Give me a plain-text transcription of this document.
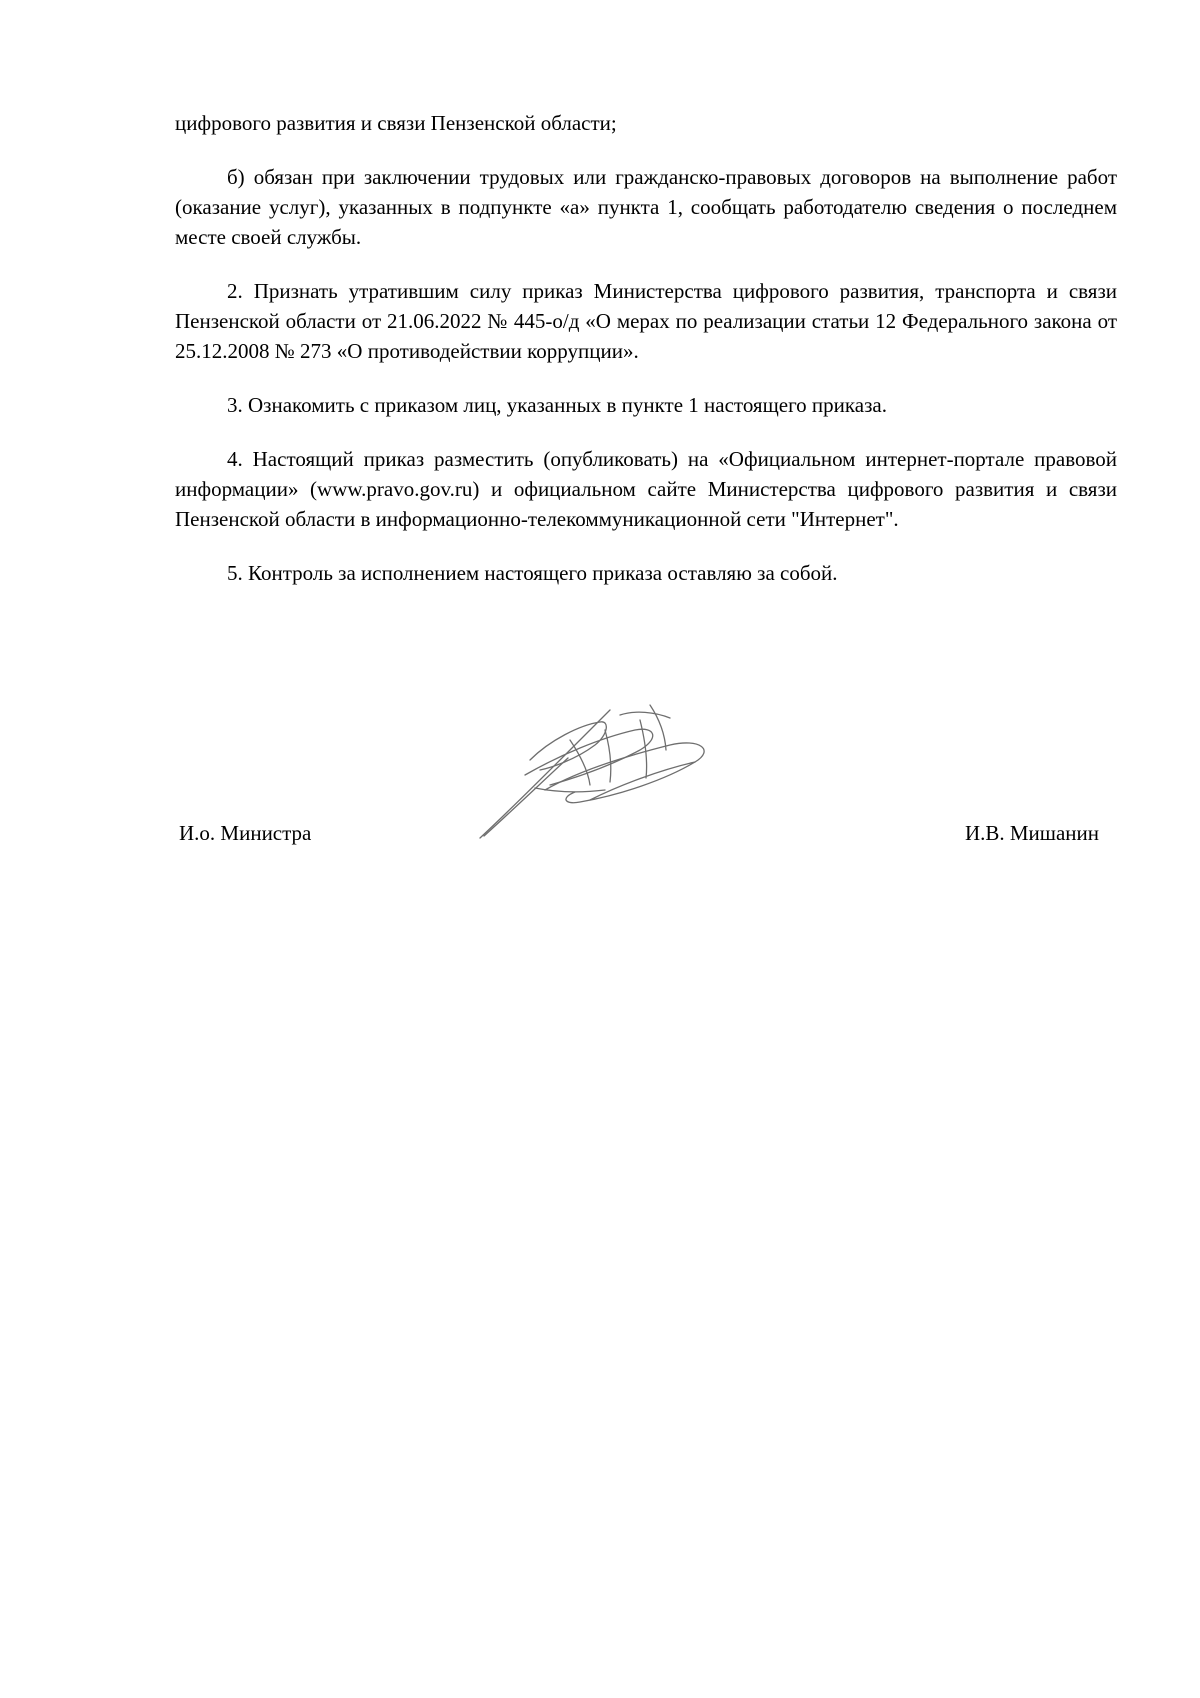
цифрового развития и связи Пензенской области;

б) обязан при заключении трудовых или гражданско-правовых договоров на выполнение работ (оказание услуг), указанных в подпункте «а» пункта 1, сообщать работодателю сведения о последнем месте своей службы.

2. Признать утратившим силу приказ Министерства цифрового развития, транспорта и связи Пензенской области от 21.06.2022 № 445-о/д «О мерах по реализации статьи 12 Федерального закона от 25.12.2008 № 273 «О противодействии коррупции».

3. Ознакомить с приказом лиц, указанных в пункте 1 настоящего приказа.

4. Настоящий приказ разместить (опубликовать) на «Официальном интернет-портале правовой информации» (www.pravo.gov.ru) и официальном сайте Министерства цифрового развития и связи Пензенской области в информационно-телекоммуникационной сети "Интернет".

5. Контроль за исполнением настоящего приказа оставляю за собой.

И.о. Министра	И.В. Мишанин
